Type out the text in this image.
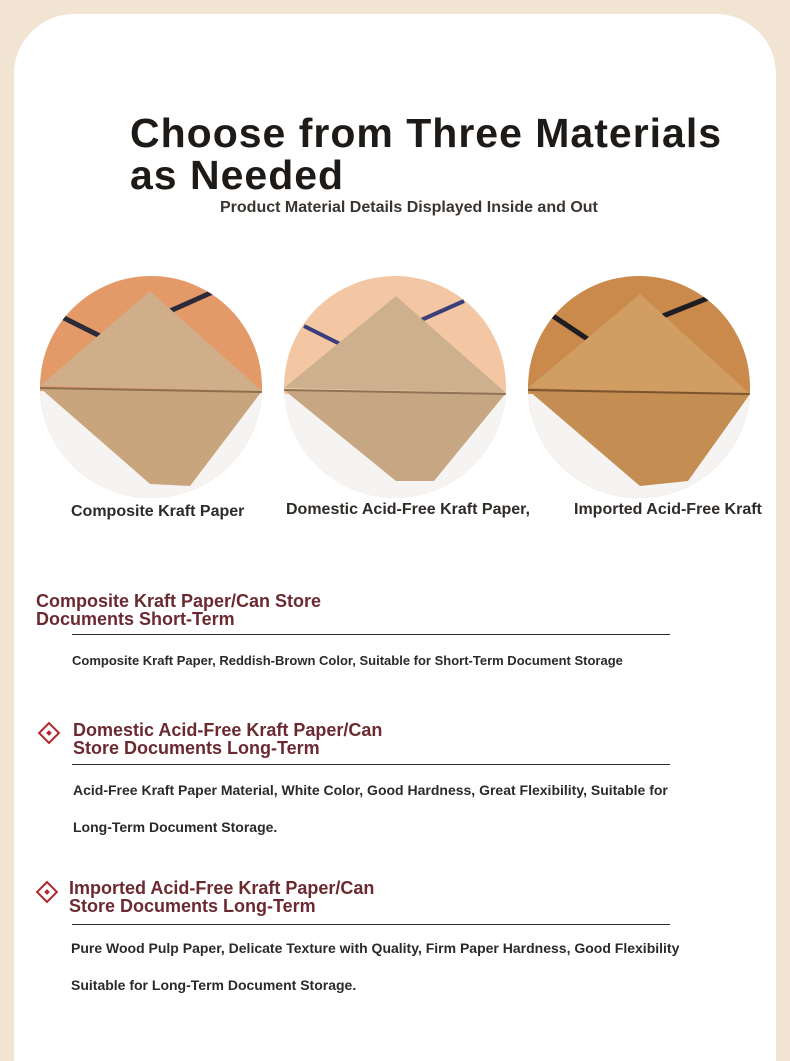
Choose from Three Materials
as Needed

Product Material Details Displayed Inside and Out

Composite Kraft Paper	Domestic Acid-Free Kraft Paper,	Imported Acid-Free Kraft

Composite Kraft Paper/Can Store
Documents Short-Term

Composite Kraft Paper, Reddish-Brown Color, Suitable for Short-Term Document Storage

Domestic Acid-Free Kraft Paper/Can
Store Documents Long-Term

Acid-Free Kraft Paper Material, White Color, Good Hardness, Great Flexibility, Suitable for
Long-Term Document Storage.

Imported Acid-Free Kraft Paper/Can
Store Documents Long-Term

Pure Wood Pulp Paper, Delicate Texture with Quality, Firm Paper Hardness, Good Flexibility
Suitable for Long-Term Document Storage.
